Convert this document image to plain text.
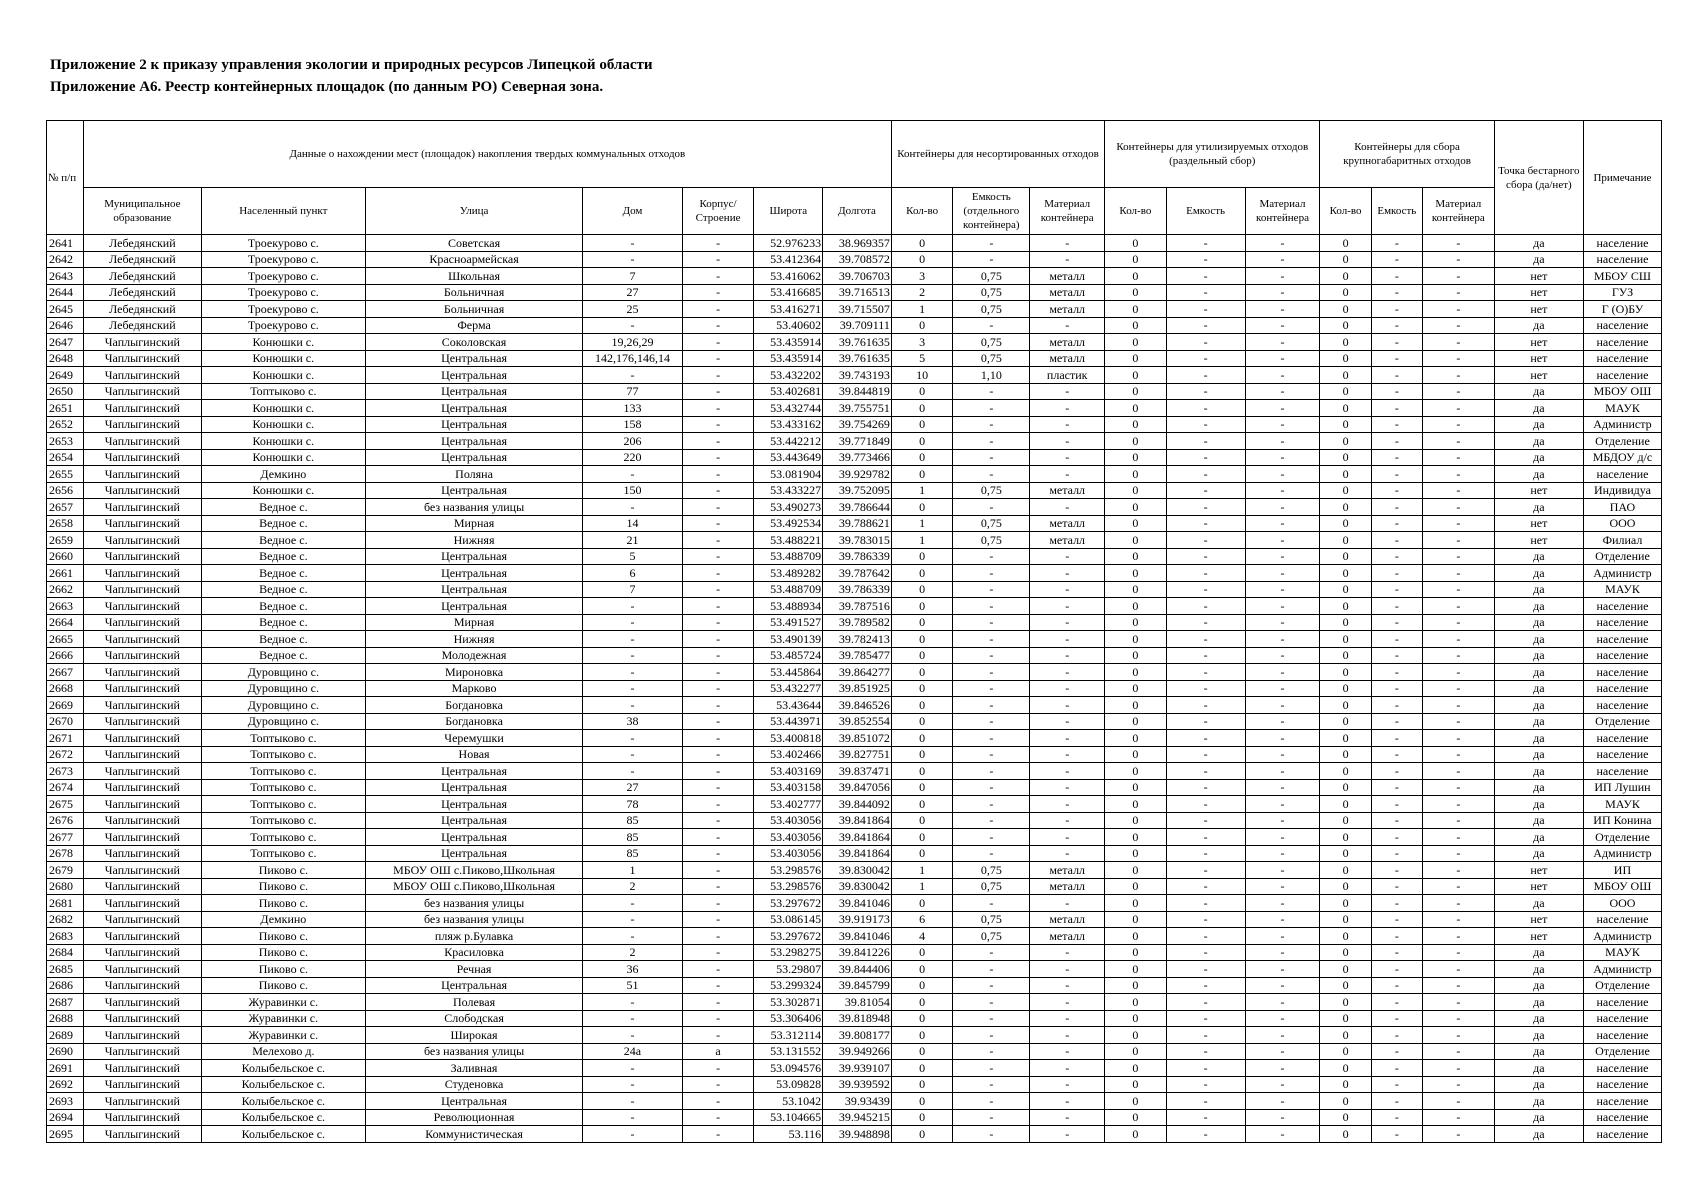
Приложение 2 к приказу управления экологии и природных ресурсов Липецкой области
Приложение А6. Реестр контейнерных площадок (по данным РО) Северная зона.
№ п/п	Данные о нахождении мест (площадок) накопления твердых коммунальных отходов							Контейнеры для несортированных отходов			Контейнеры для утилизируемых отходов (раздельный сбор)			Контейнеры для сбора крупногабаритных отходов			Точка бестарного сбора (да/нет)	Примечание
	Муниципальное образование	Населенный пункт	Улица	Дом	Корпус/ Строение	Широта	Долгота	Кол-во	Емкость (отдельного контейнера)	Материал контейнера	Кол-во	Емкость	Материал контейнера	Кол-во	Емкость	Материал контейнера		
2641	Лебедянский	Троекурово с.	Советская	-	-	52.976233	38.969357	0	-	-	0	-	-	0	-	-	да	население
2642	Лебедянский	Троекурово с.	Красноармейская	-	-	53.412364	39.708572	0	-	-	0	-	-	0	-	-	да	население
2643	Лебедянский	Троекурово с.	Школьная	7	-	53.416062	39.706703	3	0,75	металл	0	-	-	0	-	-	нет	МБОУ СШ
2644	Лебедянский	Троекурово с.	Больничная	27	-	53.416685	39.716513	2	0,75	металл	0	-	-	0	-	-	нет	ГУЗ
2645	Лебедянский	Троекурово с.	Больничная	25	-	53.416271	39.715507	1	0,75	металл	0	-	-	0	-	-	нет	Г (О)БУ
2646	Лебедянский	Троекурово с.	Ферма	-	-	53.40602	39.709111	0	-	-	0	-	-	0	-	-	да	население
2647	Чаплыгинский	Конюшки с.	Соколовская	19,26,29	-	53.435914	39.761635	3	0,75	металл	0	-	-	0	-	-	нет	население
2648	Чаплыгинский	Конюшки с.	Центральная	142,176,146,14	-	53.435914	39.761635	5	0,75	металл	0	-	-	0	-	-	нет	население
2649	Чаплыгинский	Конюшки с.	Центральная	-	-	53.432202	39.743193	10	1,10	пластик	0	-	-	0	-	-	нет	население
2650	Чаплыгинский	Топтыково с.	Центральная	77	-	53.402681	39.844819	0	-	-	0	-	-	0	-	-	да	МБОУ ОШ
2651	Чаплыгинский	Конюшки с.	Центральная	133	-	53.432744	39.755751	0	-	-	0	-	-	0	-	-	да	МАУК
2652	Чаплыгинский	Конюшки с.	Центральная	158	-	53.433162	39.754269	0	-	-	0	-	-	0	-	-	да	Администр
2653	Чаплыгинский	Конюшки с.	Центральная	206	-	53.442212	39.771849	0	-	-	0	-	-	0	-	-	да	Отделение
2654	Чаплыгинский	Конюшки с.	Центральная	220	-	53.443649	39.773466	0	-	-	0	-	-	0	-	-	да	МБДОУ д/с
2655	Чаплыгинский	Демкино	Поляна	-	-	53.081904	39.929782	0	-	-	0	-	-	0	-	-	да	население
2656	Чаплыгинский	Конюшки с.	Центральная	150	-	53.433227	39.752095	1	0,75	металл	0	-	-	0	-	-	нет	Индивидуа
2657	Чаплыгинский	Ведное с.	без названия улицы	-	-	53.490273	39.786644	0	-	-	0	-	-	0	-	-	да	ПАО
2658	Чаплыгинский	Ведное с.	Мирная	14	-	53.492534	39.788621	1	0,75	металл	0	-	-	0	-	-	нет	ООО
2659	Чаплыгинский	Ведное с.	Нижняя	21	-	53.488221	39.783015	1	0,75	металл	0	-	-	0	-	-	нет	Филиал
2660	Чаплыгинский	Ведное с.	Центральная	5	-	53.488709	39.786339	0	-	-	0	-	-	0	-	-	да	Отделение
2661	Чаплыгинский	Ведное с.	Центральная	6	-	53.489282	39.787642	0	-	-	0	-	-	0	-	-	да	Администр
2662	Чаплыгинский	Ведное с.	Центральная	7	-	53.488709	39.786339	0	-	-	0	-	-	0	-	-	да	МАУК
2663	Чаплыгинский	Ведное с.	Центральная	-	-	53.488934	39.787516	0	-	-	0	-	-	0	-	-	да	население
2664	Чаплыгинский	Ведное с.	Мирная	-	-	53.491527	39.789582	0	-	-	0	-	-	0	-	-	да	население
2665	Чаплыгинский	Ведное с.	Нижняя	-	-	53.490139	39.782413	0	-	-	0	-	-	0	-	-	да	население
2666	Чаплыгинский	Ведное с.	Молодежная	-	-	53.485724	39.785477	0	-	-	0	-	-	0	-	-	да	население
2667	Чаплыгинский	Дуровщино с.	Мироновка	-	-	53.445864	39.864277	0	-	-	0	-	-	0	-	-	да	население
2668	Чаплыгинский	Дуровщино с.	Марково	-	-	53.432277	39.851925	0	-	-	0	-	-	0	-	-	да	население
2669	Чаплыгинский	Дуровщино с.	Богдановка	-	-	53.43644	39.846526	0	-	-	0	-	-	0	-	-	да	население
2670	Чаплыгинский	Дуровщино с.	Богдановка	38	-	53.443971	39.852554	0	-	-	0	-	-	0	-	-	да	Отделение
2671	Чаплыгинский	Топтыково с.	Черемушки	-	-	53.400818	39.851072	0	-	-	0	-	-	0	-	-	да	население
2672	Чаплыгинский	Топтыково с.	Новая	-	-	53.402466	39.827751	0	-	-	0	-	-	0	-	-	да	население
2673	Чаплыгинский	Топтыково с.	Центральная	-	-	53.403169	39.837471	0	-	-	0	-	-	0	-	-	да	население
2674	Чаплыгинский	Топтыково с.	Центральная	27	-	53.403158	39.847056	0	-	-	0	-	-	0	-	-	да	ИП Лушин
2675	Чаплыгинский	Топтыково с.	Центральная	78	-	53.402777	39.844092	0	-	-	0	-	-	0	-	-	да	МАУК
2676	Чаплыгинский	Топтыково с.	Центральная	85	-	53.403056	39.841864	0	-	-	0	-	-	0	-	-	да	ИП Конина
2677	Чаплыгинский	Топтыково с.	Центральная	85	-	53.403056	39.841864	0	-	-	0	-	-	0	-	-	да	Отделение
2678	Чаплыгинский	Топтыково с.	Центральная	85	-	53.403056	39.841864	0	-	-	0	-	-	0	-	-	да	Администр
2679	Чаплыгинский	Пиково с.	МБОУ ОШ с.Пиково,Школьная	1	-	53.298576	39.830042	1	0,75	металл	0	-	-	0	-	-	нет	ИП
2680	Чаплыгинский	Пиково с.	МБОУ ОШ с.Пиково,Школьная	2	-	53.298576	39.830042	1	0,75	металл	0	-	-	0	-	-	нет	МБОУ ОШ
2681	Чаплыгинский	Пиково с.	без названия улицы	-	-	53.297672	39.841046	0	-	-	0	-	-	0	-	-	да	ООО
2682	Чаплыгинский	Демкино	без названия улицы	-	-	53.086145	39.919173	6	0,75	металл	0	-	-	0	-	-	нет	население
2683	Чаплыгинский	Пиково с.	пляж р.Булавка	-	-	53.297672	39.841046	4	0,75	металл	0	-	-	0	-	-	нет	Администр
2684	Чаплыгинский	Пиково с.	Красиловка	2	-	53.298275	39.841226	0	-	-	0	-	-	0	-	-	да	МАУК
2685	Чаплыгинский	Пиково с.	Речная	36	-	53.29807	39.844406	0	-	-	0	-	-	0	-	-	да	Администр
2686	Чаплыгинский	Пиково с.	Центральная	51	-	53.299324	39.845799	0	-	-	0	-	-	0	-	-	да	Отделение
2687	Чаплыгинский	Журавинки с.	Полевая	-	-	53.302871	39.81054	0	-	-	0	-	-	0	-	-	да	население
2688	Чаплыгинский	Журавинки с.	Слободская	-	-	53.306406	39.818948	0	-	-	0	-	-	0	-	-	да	население
2689	Чаплыгинский	Журавинки с.	Широкая	-	-	53.312114	39.808177	0	-	-	0	-	-	0	-	-	да	население
2690	Чаплыгинский	Мелехово д.	без названия улицы	24а	а	53.131552	39.949266	0	-	-	0	-	-	0	-	-	да	Отделение
2691	Чаплыгинский	Колыбельское с.	Заливная	-	-	53.094576	39.939107	0	-	-	0	-	-	0	-	-	да	население
2692	Чаплыгинский	Колыбельское с.	Студеновка	-	-	53.09828	39.939592	0	-	-	0	-	-	0	-	-	да	население
2693	Чаплыгинский	Колыбельское с.	Центральная	-	-	53.1042	39.93439	0	-	-	0	-	-	0	-	-	да	население
2694	Чаплыгинский	Колыбельское с.	Революционная	-	-	53.104665	39.945215	0	-	-	0	-	-	0	-	-	да	население
2695	Чаплыгинский	Колыбельское с.	Коммунистическая	-	-	53.116	39.948898	0	-	-	0	-	-	0	-	-	да	население
